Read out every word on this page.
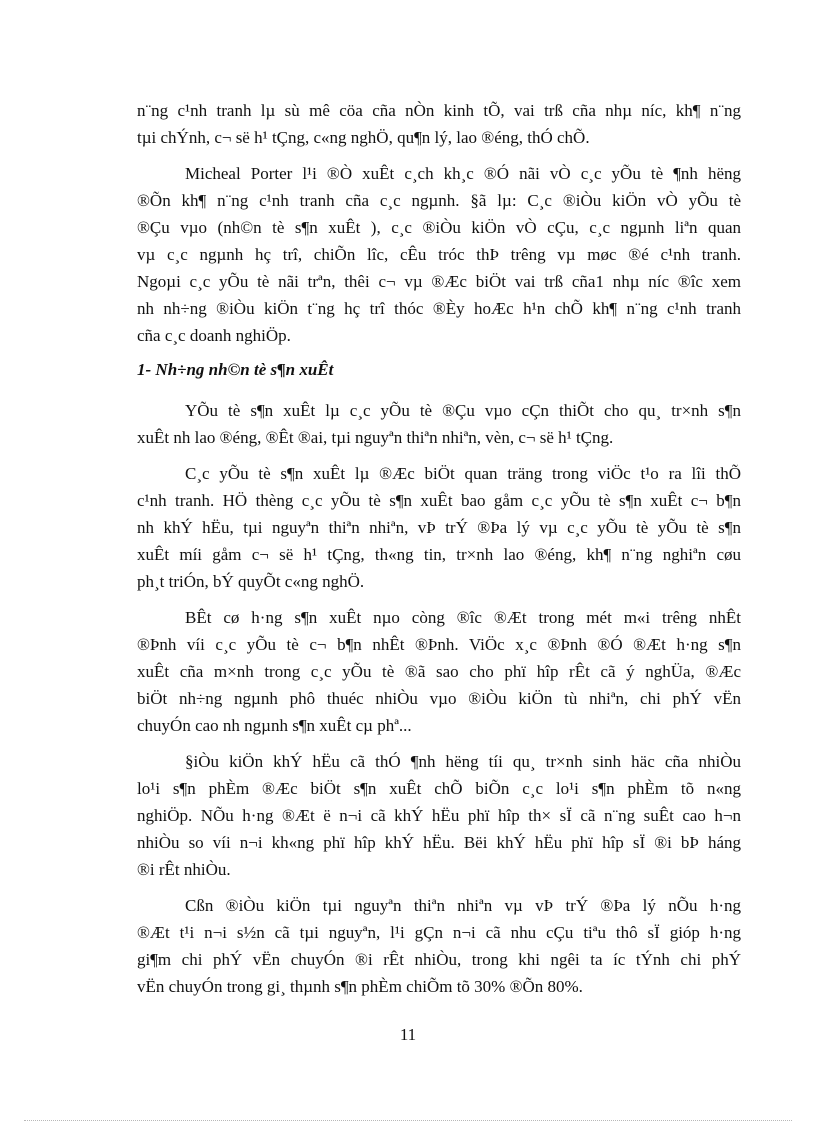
n¨ng c¹nh tranh lµ sù mê cöa cña nÒn kinh tÕ, vai trß cña nhµ níc, kh¶ n¨ng
tµi chÝnh, c¬ së h¹ tÇng, c«ng nghÖ, qu¶n lý, lao ®éng, thÓ chÕ.
Micheal Porter l¹i ®Ò xuÊt c¸ch kh¸c ®Ó nãi vÒ c¸c yÕu tè ¶nh hëng
®Õn kh¶ n¨ng c¹nh tranh cña c¸c ngµnh. §ã lµ: C¸c ®iÒu kiÖn vÒ yÕu tè
®Çu vµo (nh©n tè s¶n xuÊt ), c¸c ®iÒu kiÖn vÒ cÇu, c¸c ngµnh liªn quan
vµ c¸c ngµnh hç trî, chiÕn lîc, cÊu tróc thÞ trêng vµ møc ®é c¹nh tranh.
Ngoµi c¸c yÕu tè nãi trªn, thêi c¬ vµ ®Æc biÖt vai trß cña1 nhµ níc ®îc xem
nh nh÷ng ®iÒu kiÖn t¨ng hç trî thóc ®Èy hoÆc h¹n chÕ kh¶ n¨ng c¹nh tranh
cña c¸c doanh nghiÖp.
1- Nh÷ng nh©n tè s¶n xuÊt
YÕu tè s¶n xuÊt lµ c¸c yÕu tè ®Çu vµo cÇn thiÕt cho qu¸ tr×nh s¶n
xuÊt nh lao ®éng, ®Êt ®ai, tµi nguyªn thiªn nhiªn, vèn, c¬ së h¹ tÇng.
C¸c yÕu tè s¶n xuÊt lµ ®Æc biÖt quan träng trong viÖc t¹o ra lîi thÕ
c¹nh tranh. HÖ thèng c¸c yÕu tè s¶n xuÊt bao gåm c¸c yÕu tè s¶n xuÊt c¬ b¶n
nh khÝ hËu, tµi nguyªn thiªn nhiªn, vÞ trÝ ®Þa lý vµ c¸c yÕu tè yÕu tè s¶n
xuÊt míi gåm c¬ së h¹ tÇng, th«ng tin, tr×nh lao ®éng, kh¶ n¨ng nghiªn cøu
ph¸t triÓn, bÝ quyÕt c«ng nghÖ.
BÊt cø h·ng s¶n xuÊt nµo còng ®îc ®Æt trong mét m«i trêng nhÊt
®Þnh víi c¸c yÕu tè c¬ b¶n nhÊt ®Þnh. ViÖc x¸c ®Þnh ®Ó ®Æt h·ng s¶n
xuÊt cña m×nh trong c¸c yÕu tè ®ã sao cho phï hîp rÊt cã ý nghÜa, ®Æc
biÖt nh÷ng ngµnh phô thuéc nhiÒu vµo ®iÒu kiÖn tù nhiªn, chi phÝ vËn
chuyÓn cao nh ngµnh s¶n xuÊt cµ phª...
§iÒu kiÖn khÝ hËu cã thÓ ¶nh hëng tíi qu¸ tr×nh sinh häc cña nhiÒu
lo¹i s¶n phÈm ®Æc biÖt s¶n xuÊt chÕ biÕn c¸c lo¹i s¶n phÈm tõ n«ng
nghiÖp. NÕu h·ng ®Æt ë n¬i cã khÝ hËu phï hîp th× sÏ cã n¨ng suÊt cao h¬n
nhiÒu so víi n¬i kh«ng phï hîp khÝ hËu. Bëi khÝ hËu phï hîp sÏ ®i bÞ háng
®i rÊt nhiÒu.
Cßn ®iÒu kiÖn tµi nguyªn thiªn nhiªn vµ vÞ trÝ ®Þa lý nÕu h·ng
®Æt t¹i n¬i s½n cã tµi nguyªn, l¹i gÇn n¬i cã nhu cÇu tiªu thô sÏ gióp h·ng
gi¶m chi phÝ vËn chuyÓn ®i rÊt nhiÒu, trong khi ngêi ta íc tÝnh chi phÝ
vËn chuyÓn trong gi¸ thµnh s¶n phÈm chiÕm tõ 30% ®Õn 80%.
11
